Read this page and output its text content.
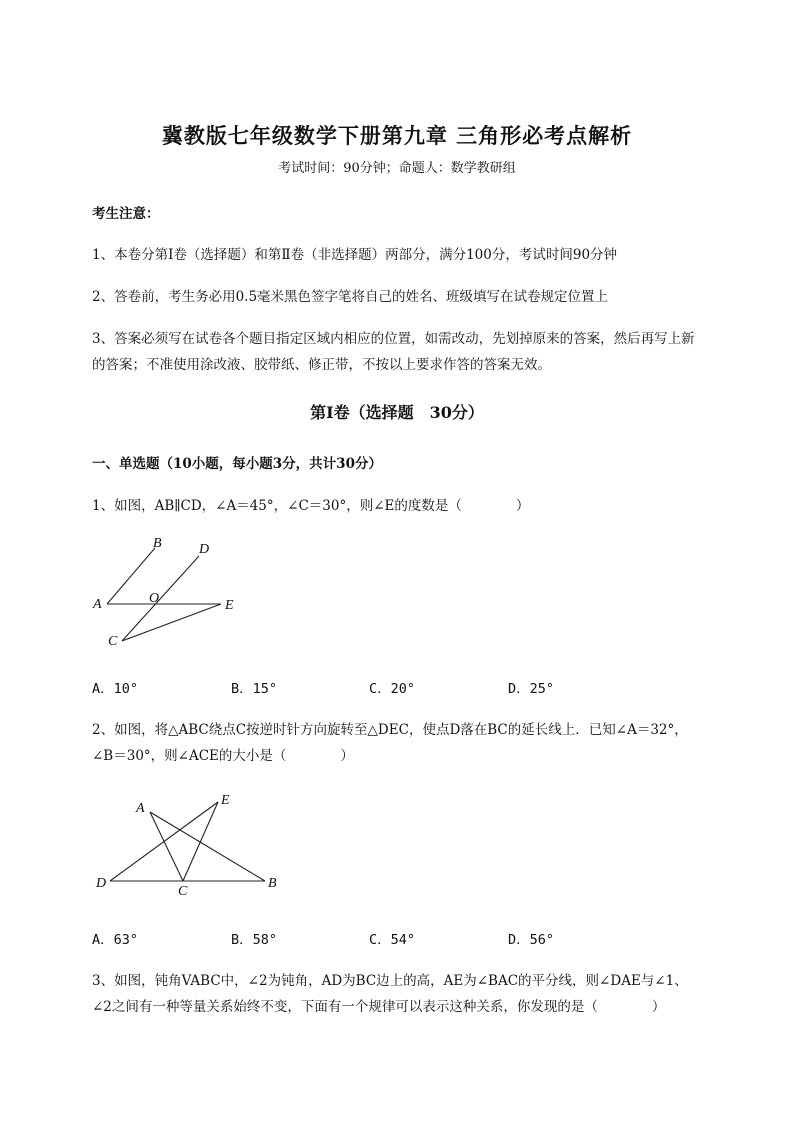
冀教版七年级数学下册第九章 三角形必考点解析
考试时间：90分钟；命题人：数学教研组
考生注意：
1、本卷分第I卷（选择题）和第Ⅱ卷（非选择题）两部分，满分100分，考试时间90分钟
2、答卷前，考生务必用0.5毫米黑色签字笔将自己的姓名、班级填写在试卷规定位置上
3、答案必须写在试卷各个题目指定区域内相应的位置，如需改动，先划掉原来的答案，然后再写上新
的答案；不准使用涂改液、胶带纸、修正带，不按以上要求作答的答案无效。
第I卷（选择题　30分）
一、单选题（10小题，每小题3分，共计30分）
1、如图，AB∥CD，∠A＝45°，∠C＝30°，则∠E的度数是（　　　　）
A
B
C
D
E
O
A．10°	B．15°	C．20°	D．25°
2、如图，将△ABC绕点C按逆时针方向旋转至△DEC，使点D落在BC的延长线上．已知∠A＝32°，
∠B＝30°，则∠ACE的大小是（　　　　）
A
B
C
D
E
A．63°	B．58°	C．54°	D．56°
3、如图，钝角VABC中，∠2为钝角，AD为BC边上的高，AE为∠BAC的平分线，则∠DAE与∠1、
∠2之间有一种等量关系始终不变，下面有一个规律可以表示这种关系，你发现的是（　　　　）
